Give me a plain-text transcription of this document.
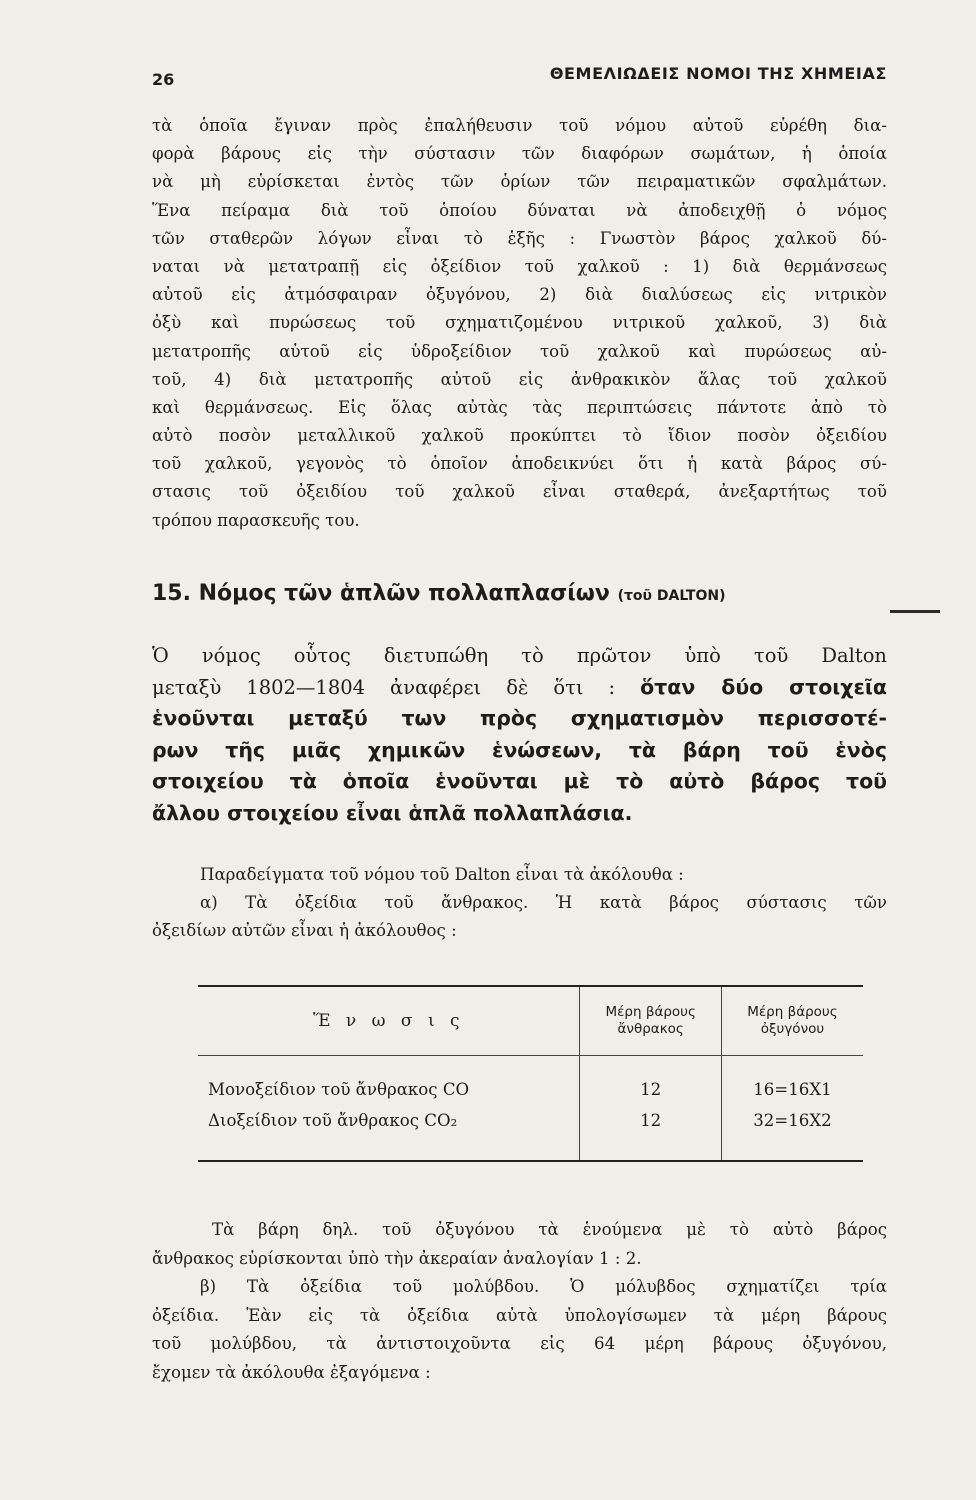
26	ΘΕΜΕΛΙΩΔΕΙΣ ΝΟΜΟΙ ΤΗΣ ΧΗΜΕΙΑΣ
τὰ ὁποῖα ἔγιναν πρὸς ἐπαλήθευσιν τοῦ νόμου αὐτοῦ εὑρέθη δια-
φορὰ βάρους εἰς τὴν σύστασιν τῶν διαφόρων σωμάτων, ἡ ὁποία
νὰ μὴ εὑρίσκεται ἐντὸς τῶν ὁρίων τῶν πειραματικῶν σφαλμάτων.
Ἕνα πείραμα διὰ τοῦ ὁποίου δύναται νὰ ἀποδειχθῇ ὁ νόμος
τῶν σταθερῶν λόγων εἶναι τὸ ἑξῆς : Γνωστὸν βάρος χαλκοῦ δύ-
ναται νὰ μετατραπῇ εἰς ὀξείδιον τοῦ χαλκοῦ : 1) διὰ θερμάνσεως
αὐτοῦ εἰς ἀτμόσφαιραν ὀξυγόνου, 2) διὰ διαλύσεως εἰς νιτρικὸν
ὀξὺ καὶ πυρώσεως τοῦ σχηματιζομένου νιτρικοῦ χαλκοῦ, 3) διὰ
μετατροπῆς αὐτοῦ εἰς ὑδροξείδιον τοῦ χαλκοῦ καὶ πυρώσεως αὐ-
τοῦ, 4) διὰ μετατροπῆς αὐτοῦ εἰς ἀνθρακικὸν ἅλας τοῦ χαλκοῦ
καὶ θερμάνσεως. Εἰς ὅλας αὐτὰς τὰς περιπτώσεις πάντοτε ἀπὸ τὸ
αὐτὸ ποσὸν μεταλλικοῦ χαλκοῦ προκύπτει τὸ ἴδιον ποσὸν ὀξειδίου
τοῦ χαλκοῦ, γεγονὸς τὸ ὁποῖον ἀποδεικνύει ὅτι ἡ κατὰ βάρος σύ-
στασις τοῦ ὀξειδίου τοῦ χαλκοῦ εἶναι σταθερά, ἀνεξαρτήτως τοῦ
τρόπου παρασκευῆς του.
15. Νόμος τῶν ἁπλῶν πολλαπλασίων (τοῦ DALTON)
Ὁ νόμος οὗτος διετυπώθη τὸ πρῶτον ὑπὸ τοῦ Dalton
μεταξὺ 1802—1804 ἀναφέρει δὲ ὅτι : ὅταν δύο στοιχεῖα
ἑνοῦνται μεταξύ των πρὸς σχηματισμὸν περισσοτέ-
ρων τῆς μιᾶς χημικῶν ἑνώσεων, τὰ βάρη τοῦ ἑνὸς
στοιχείου τὰ ὁποῖα ἑνοῦνται μὲ τὸ αὐτὸ βάρος τοῦ
ἄλλου στοιχείου εἶναι ἁπλᾶ πολλαπλάσια.
Παραδείγματα τοῦ νόμου τοῦ Dalton εἶναι τὰ ἀκόλουθα :
α) Τὰ ὀξείδια τοῦ ἄνθρακος. Ἡ κατὰ βάρος σύστασις τῶν
ὀξειδίων αὐτῶν εἶναι ἡ ἀκόλουθος :
Ἕ ν ω σ ι ς	Μέρη βάρους ἄνθρακος	Μέρη βάρους ὀξυγόνου
Μονοξείδιον τοῦ ἄνθρακος CO	12	16=16X1
Διοξείδιον τοῦ ἄνθρακος CO₂	12	32=16X2
Τὰ βάρη δηλ. τοῦ ὀξυγόνου τὰ ἑνούμενα μὲ τὸ αὐτὸ βάρος
ἄνθρακος εὑρίσκονται ὑπὸ τὴν ἀκεραίαν ἀναλογίαν 1 : 2.
β) Τὰ ὀξείδια τοῦ μολύβδου. Ὁ μόλυβδος σχηματίζει τρία
ὀξείδια. Ἐὰν εἰς τὰ ὀξείδια αὐτὰ ὑπολογίσωμεν τὰ μέρη βάρους
τοῦ μολύβδου, τὰ ἀντιστοιχοῦντα εἰς 64 μέρη βάρους ὀξυγόνου,
ἔχομεν τὰ ἀκόλουθα ἐξαγόμενα :
